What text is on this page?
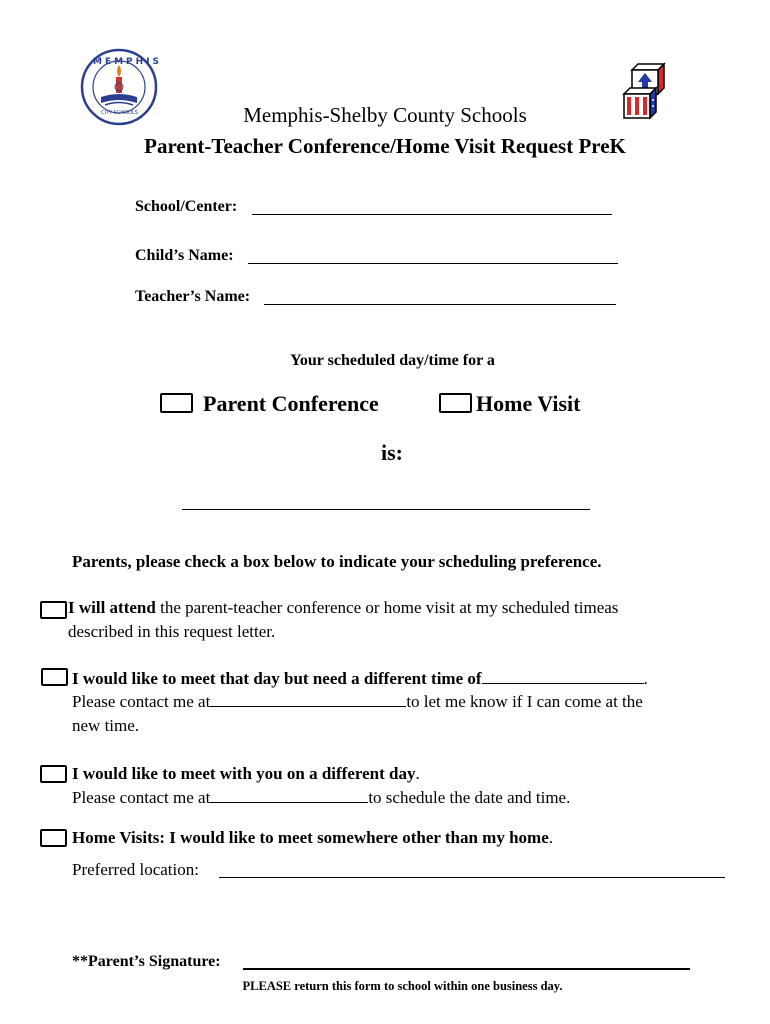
MEMPHIS
CITY SCHOOLS	Memphis-Shelby County Schools
Parent-Teacher Conference/Home Visit Request PreK
School/Center:
Child’s Name:
Teacher’s Name:
Your scheduled day/time for a
Parent Conference	Home Visit
is:
Parents, please check a box below to indicate your scheduling preference.
I will attend the parent-teacher conference or home visit at my scheduled timeas
described in this request letter.
I would like to meet that day but need a different time of	.
Please contact me at	to let me know if I can come at the
new time.
I would like to meet with you on a different day.
Please contact me at	to schedule the date and time.
Home Visits: I would like to meet somewhere other than my home.
Preferred location:
**Parent’s Signature:
PLEASE return this form to school within one business day.
